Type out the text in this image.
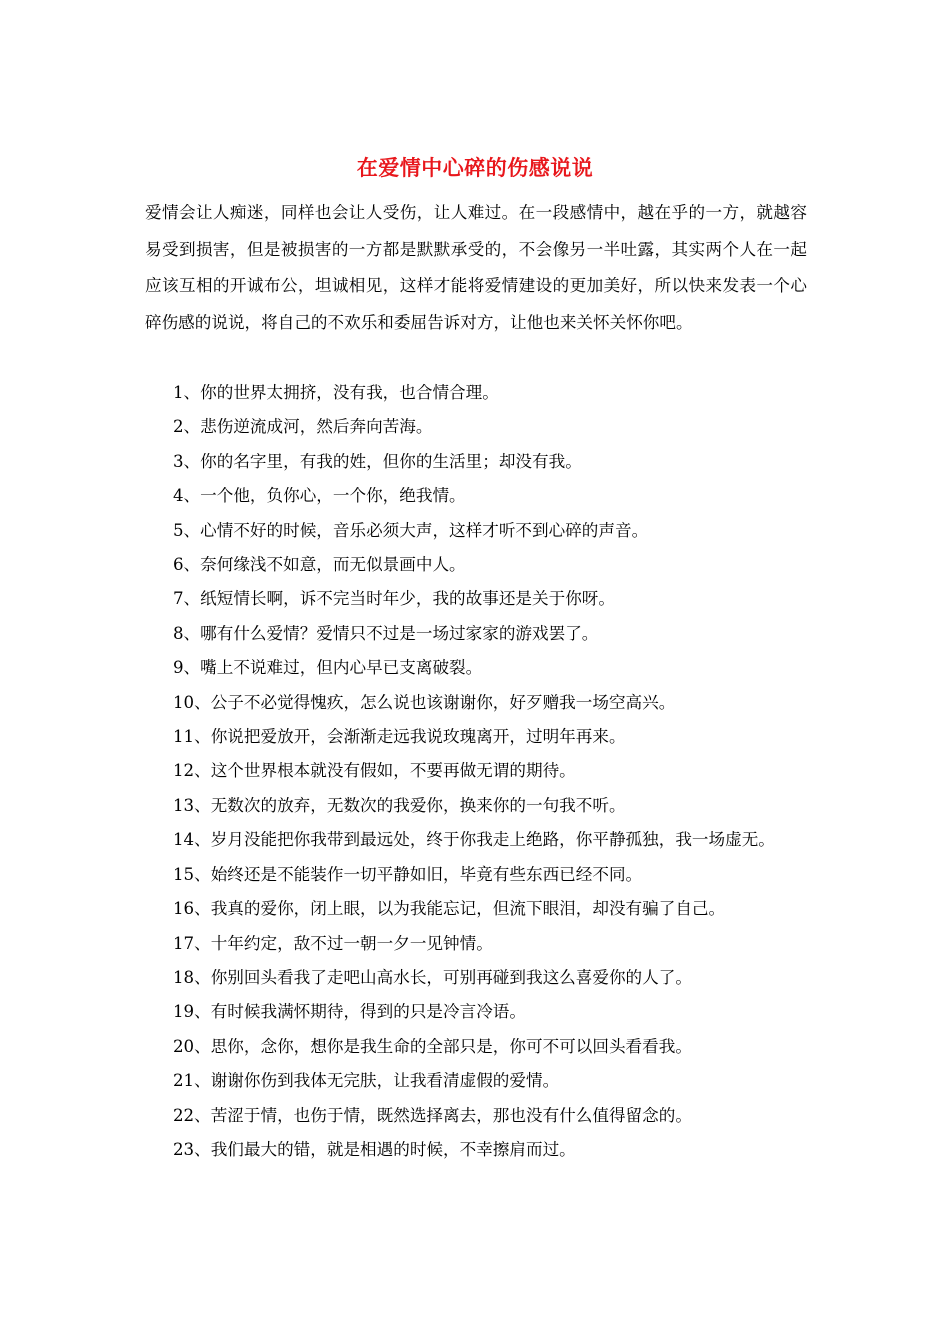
在爱情中心碎的伤感说说

爱情会让人痴迷，同样也会让人受伤，让人难过。在一段感情中，越在乎的一方，就越容易受到损害，但是被损害的一方都是默默承受的，不会像另一半吐露，其实两个人在一起应该互相的开诚布公，坦诚相见，这样才能将爱情建设的更加美好，所以快来发表一个心碎伤感的说说，将自己的不欢乐和委屈告诉对方，让他也来关怀关怀你吧。

1、你的世界太拥挤，没有我，也合情合理。
2、悲伤逆流成河，然后奔向苦海。
3、你的名字里，有我的姓，但你的生活里；却没有我。
4、一个他，负你心，一个你，绝我情。
5、心情不好的时候，音乐必须大声，这样才听不到心碎的声音。
6、奈何缘浅不如意，而无似景画中人。
7、纸短情长啊，诉不完当时年少，我的故事还是关于你呀。
8、哪有什么爱情？爱情只不过是一场过家家的游戏罢了。
9、嘴上不说难过，但内心早已支离破裂。
10、公子不必觉得愧疚，怎么说也该谢谢你，好歹赠我一场空高兴。
11、你说把爱放开，会渐渐走远我说玫瑰离开，过明年再来。
12、这个世界根本就没有假如，不要再做无谓的期待。
13、无数次的放弃，无数次的我爱你，换来你的一句我不听。
14、岁月没能把你我带到最远处，终于你我走上绝路，你平静孤独，我一场虚无。
15、始终还是不能装作一切平静如旧，毕竟有些东西已经不同。
16、我真的爱你，闭上眼，以为我能忘记，但流下眼泪，却没有骗了自己。
17、十年约定，敌不过一朝一夕一见钟情。
18、你别回头看我了走吧山高水长，可别再碰到我这么喜爱你的人了。
19、有时候我满怀期待，得到的只是冷言冷语。
20、思你，念你，想你是我生命的全部只是，你可不可以回头看看我。
21、谢谢你伤到我体无完肤，让我看清虚假的爱情。
22、苦涩于情，也伤于情，既然选择离去，那也没有什么值得留念的。
23、我们最大的错，就是相遇的时候，不幸擦肩而过。
